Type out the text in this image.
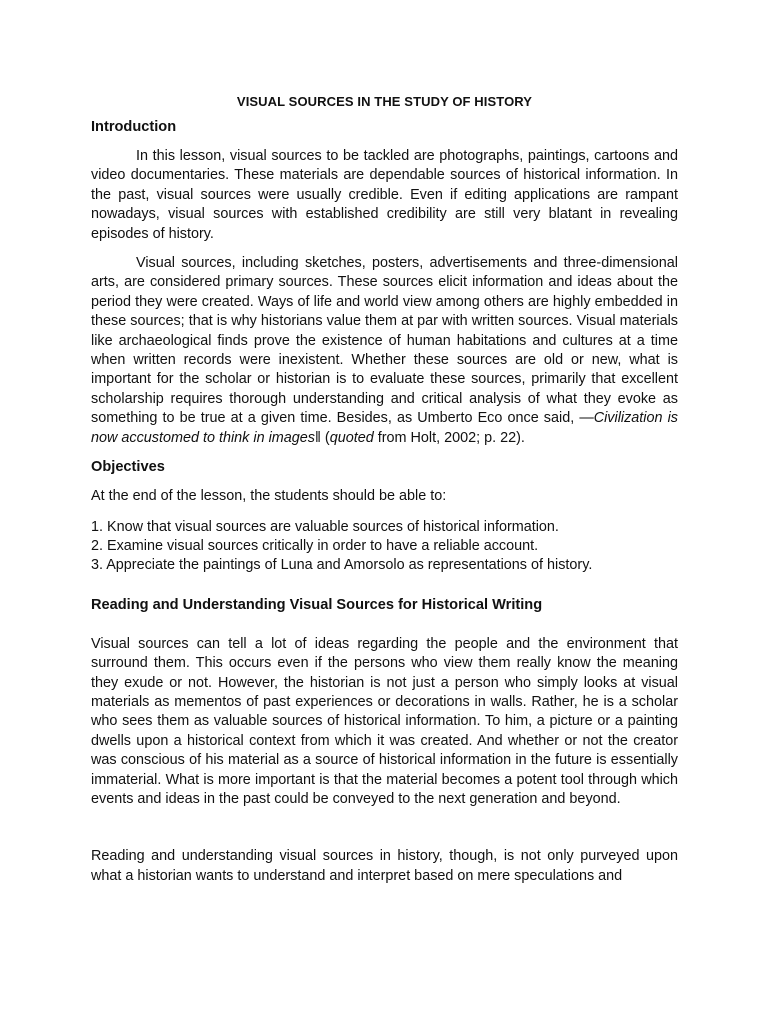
VISUAL SOURCES IN THE STUDY OF HISTORY
Introduction

In this lesson, visual sources to be tackled are photographs, paintings, cartoons and video documentaries. These materials are dependable sources of historical information. In the past, visual sources were usually credible. Even if editing applications are rampant nowadays, visual sources with established credibility are still very blatant in revealing episodes of history.

Visual sources, including sketches, posters, advertisements and three-dimensional arts, are considered primary sources. These sources elicit information and ideas about the period they were created. Ways of life and world view among others are highly embedded in these sources; that is why historians value them at par with written sources. Visual materials like archaeological finds prove the existence of human habitations and cultures at a time when written records were inexistent. Whether these sources are old or new, what is important for the scholar or historian is to evaluate these sources, primarily that excellent scholarship requires thorough understanding and critical analysis of what they evoke as something to be true at a given time. Besides, as Umberto Eco once said, —Civilization is now accustomed to think in images‖ (quoted from Holt, 2002; p. 22).

Objectives

At the end of the lesson, the students should be able to:

1. Know that visual sources are valuable sources of historical information.
2. Examine visual sources critically in order to have a reliable account.
3. Appreciate the paintings of Luna and Amorsolo as representations of history.
Reading and Understanding Visual Sources for Historical Writing

Visual sources can tell a lot of ideas regarding the people and the environment that surround them. This occurs even if the persons who view them really know the meaning they exude or not. However, the historian is not just a person who simply looks at visual materials as mementos of past experiences or decorations in walls. Rather, he is a scholar who sees them as valuable sources of historical information. To him, a picture or a painting dwells upon a historical context from which it was created. And whether or not the creator was conscious of his material as a source of historical information in the future is essentially immaterial. What is more important is that the material becomes a potent tool through which events and ideas in the past could be conveyed to the next generation and beyond.

Reading and understanding visual sources in history, though, is not only purveyed upon what a historian wants to understand and interpret based on mere speculations and
